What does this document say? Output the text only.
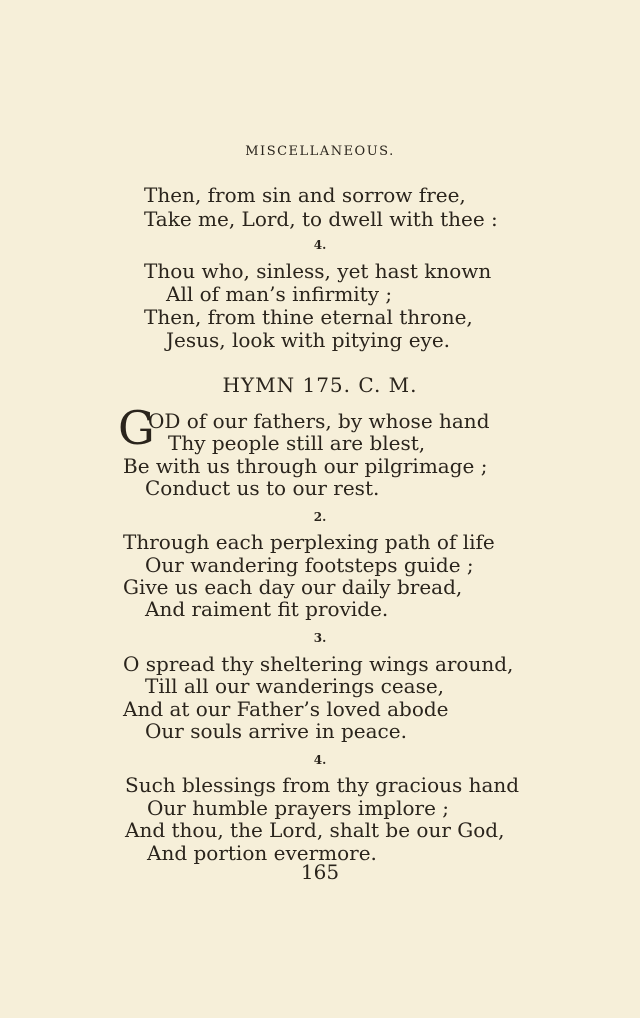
MISCELLANEOUS.
Then, from sin and sorrow free,
Take me, Lord, to dwell with thee :
4.
Thou who, sinless, yet hast known
All of man’s infirmity ;
Then, from thine eternal throne,
Jesus, look with pitying eye.
HYMN 175. C. M.
G
OD of our fathers, by whose hand
Thy people still are blest,
Be with us through our pilgrimage ;
Conduct us to our rest.
2.
Through each perplexing path of life
Our wandering footsteps guide ;
Give us each day our daily bread,
And raiment fit provide.
3.
O spread thy sheltering wings around,
Till all our wanderings cease,
And at our Father’s loved abode
Our souls arrive in peace.
4.
Such blessings from thy gracious hand
Our humble prayers implore ;
And thou, the Lord, shalt be our God,
And portion evermore.
165
